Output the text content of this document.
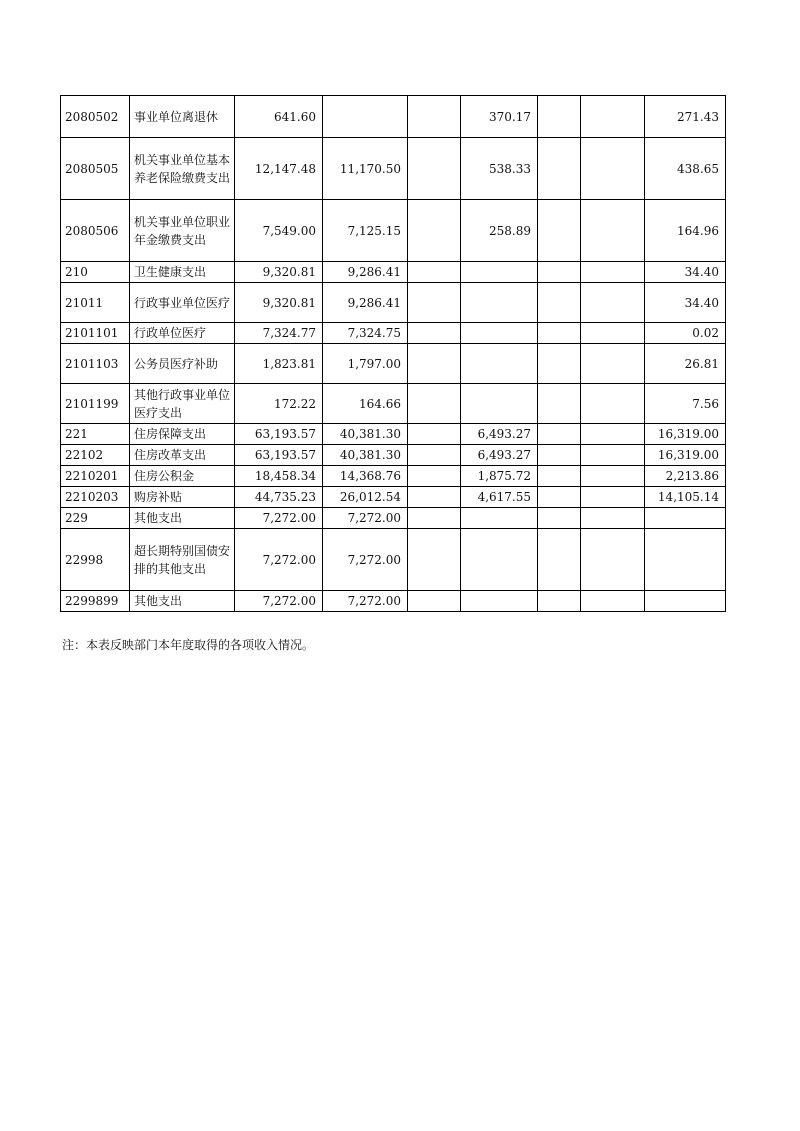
2080502	事业单位离退休	641.60			370.17			271.43
2080505	机关事业单位基本养老保险缴费支出	12,147.48	11,170.50		538.33			438.65
2080506	机关事业单位职业年金缴费支出	7,549.00	7,125.15		258.89			164.96
210	卫生健康支出	9,320.81	9,286.41					34.40
21011	行政事业单位医疗	9,320.81	9,286.41					34.40
2101101	行政单位医疗	7,324.77	7,324.75					0.02
2101103	公务员医疗补助	1,823.81	1,797.00					26.81
2101199	其他行政事业单位医疗支出	172.22	164.66					7.56
221	住房保障支出	63,193.57	40,381.30		6,493.27			16,319.00
22102	住房改革支出	63,193.57	40,381.30		6,493.27			16,319.00
2210201	住房公积金	18,458.34	14,368.76		1,875.72			2,213.86
2210203	购房补贴	44,735.23	26,012.54		4,617.55			14,105.14
229	其他支出	7,272.00	7,272.00					
22998	超长期特别国债安排的其他支出	7,272.00	7,272.00					
2299899	其他支出	7,272.00	7,272.00					
注：本表反映部门本年度取得的各项收入情况。
